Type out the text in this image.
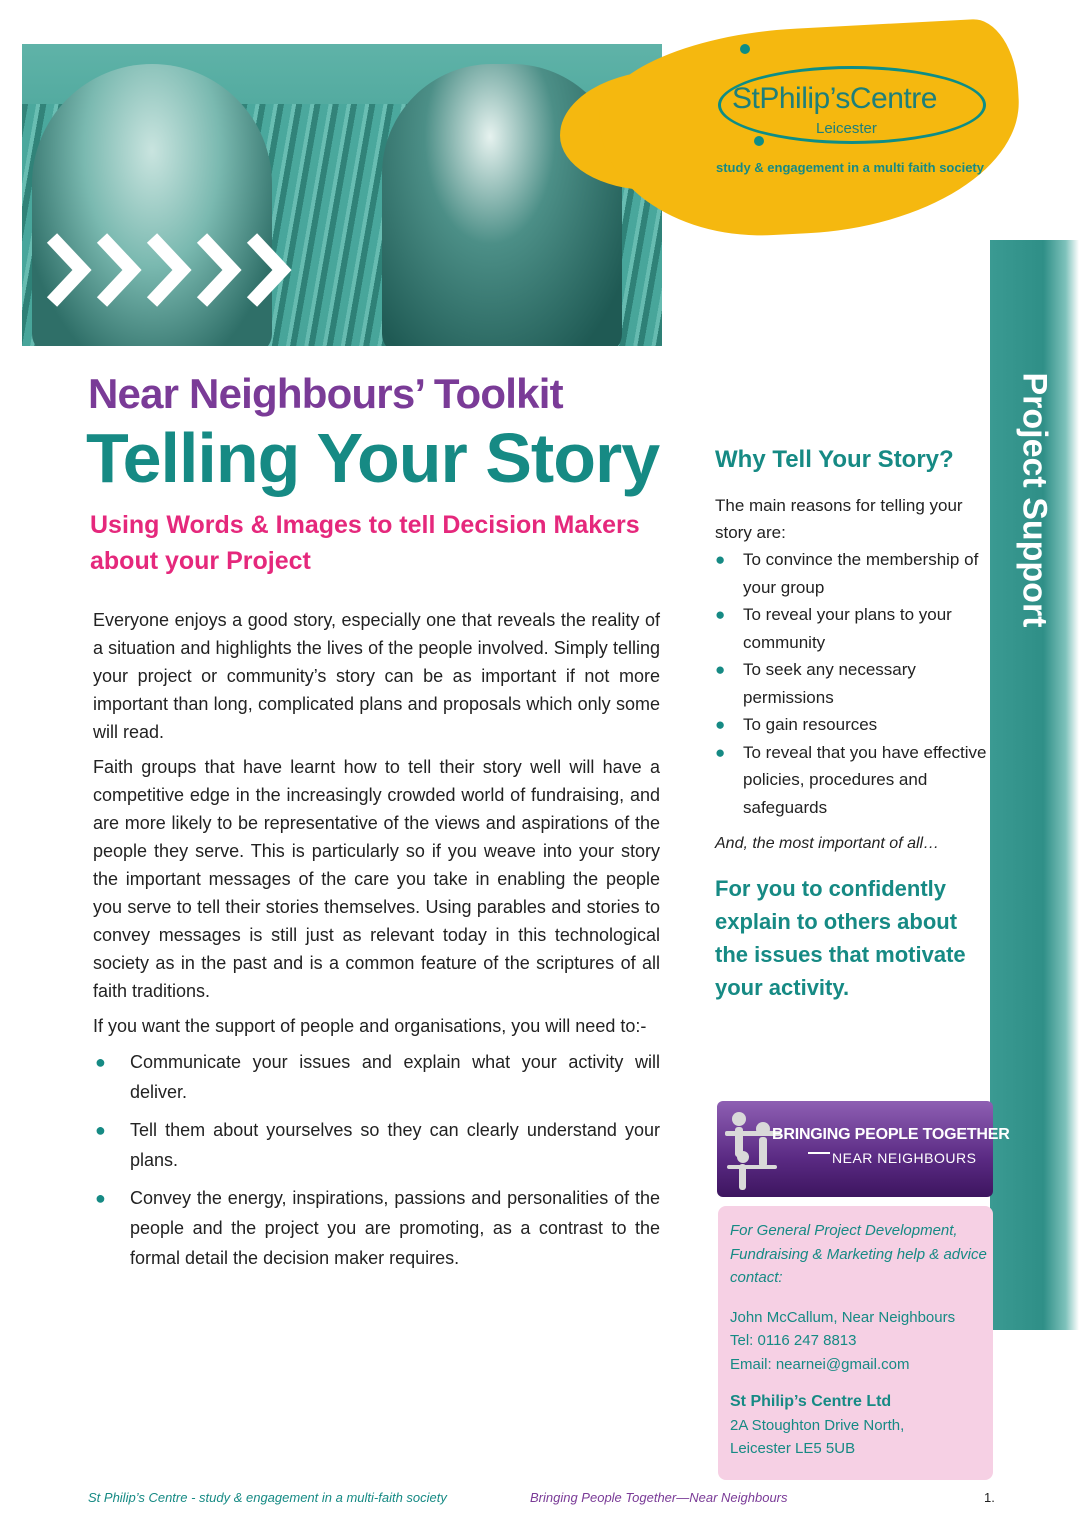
Project Support
StPhilip’sCentre
Leicester
study & engagement in a multi faith society
Near Neighbours’ Toolkit
Telling Your Story
Using Words & Images to tell Decision Makers about your Project

Everyone enjoys a good story, especially one that reveals the reality of a situation and highlights the lives of the people involved. Simply telling your project or community’s story can be as important if not more important than long, complicated plans and proposals which only some will read.

Faith groups that have learnt how to tell their story well will have a competitive edge in the increasingly crowded world of fundraising, and are more likely to be representative of the views and aspirations of the people they serve. This is particularly so if you weave into your story the important messages of the care you take in enabling the people you serve to tell their stories themselves. Using parables and stories to convey messages is still just as relevant today in this technological society as in the past and is a common feature of the scriptures of all faith traditions.

If you want the support of people and organisations, you will need to:-

● Communicate your issues and explain what your activity will deliver.
● Tell them about yourselves so they can clearly understand your plans.
● Convey the energy, inspirations, passions and personalities of the people and the project you are promoting, as a contrast to the formal detail the decision maker requires.
Why Tell Your Story?
The main reasons for telling your story are:
● To convince the membership of your group
● To reveal your plans to your community
● To seek any necessary permissions
● To gain resources
● To reveal that you have effective policies, procedures and safeguards
And, the most important of all…
For you to confidently explain to others about the issues that motivate your activity.
BRINGING PEOPLE TOGETHER
NEAR NEIGHBOURS
For General Project Development, Fundraising & Marketing help & advice contact:
John McCallum, Near Neighbours
Tel: 0116 247 8813
Email: nearnei@gmail.com
St Philip’s Centre Ltd
2A Stoughton Drive North,
Leicester LE5 5UB
St Philip’s Centre - study & engagement in a multi-faith society	Bringing People Together—Near Neighbours	1.
